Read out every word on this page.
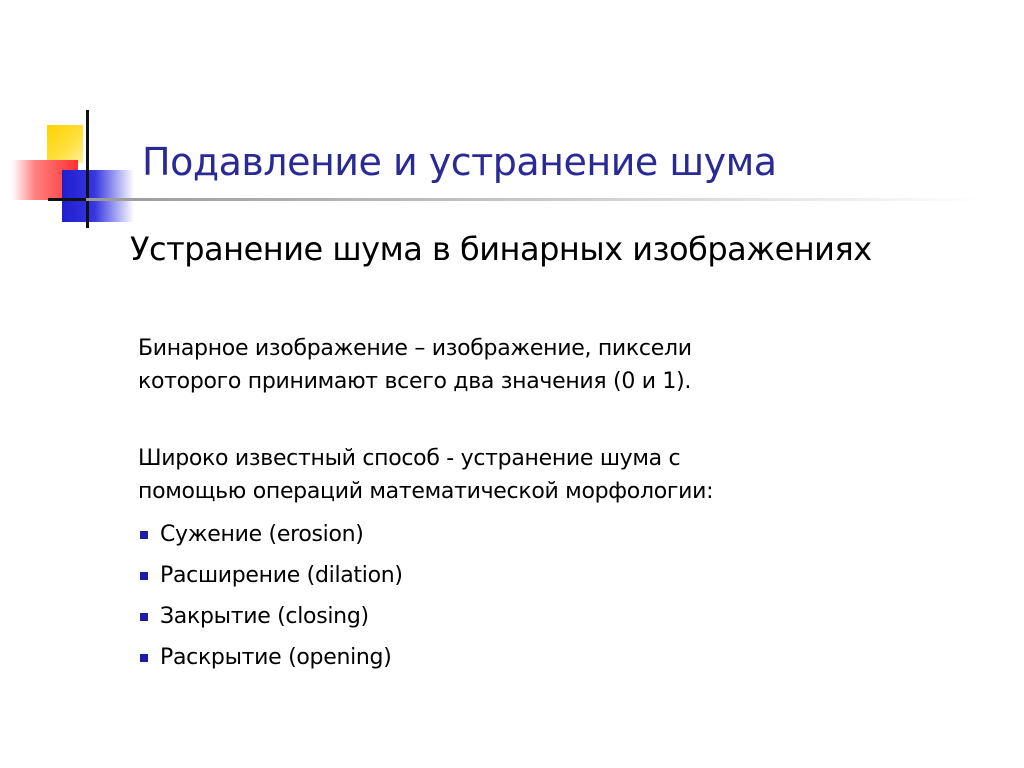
Подавление и устранение шума
Устранение шума в бинарных изображениях

Бинарное изображение – изображение, пиксели
которого принимают всего два значения (0 и 1).

Широко известный способ - устранение шума с
помощью операций математической морфологии:

Сужение (erosion)
Расширение (dilation)
Закрытие (closing)
Раскрытие (opening)
